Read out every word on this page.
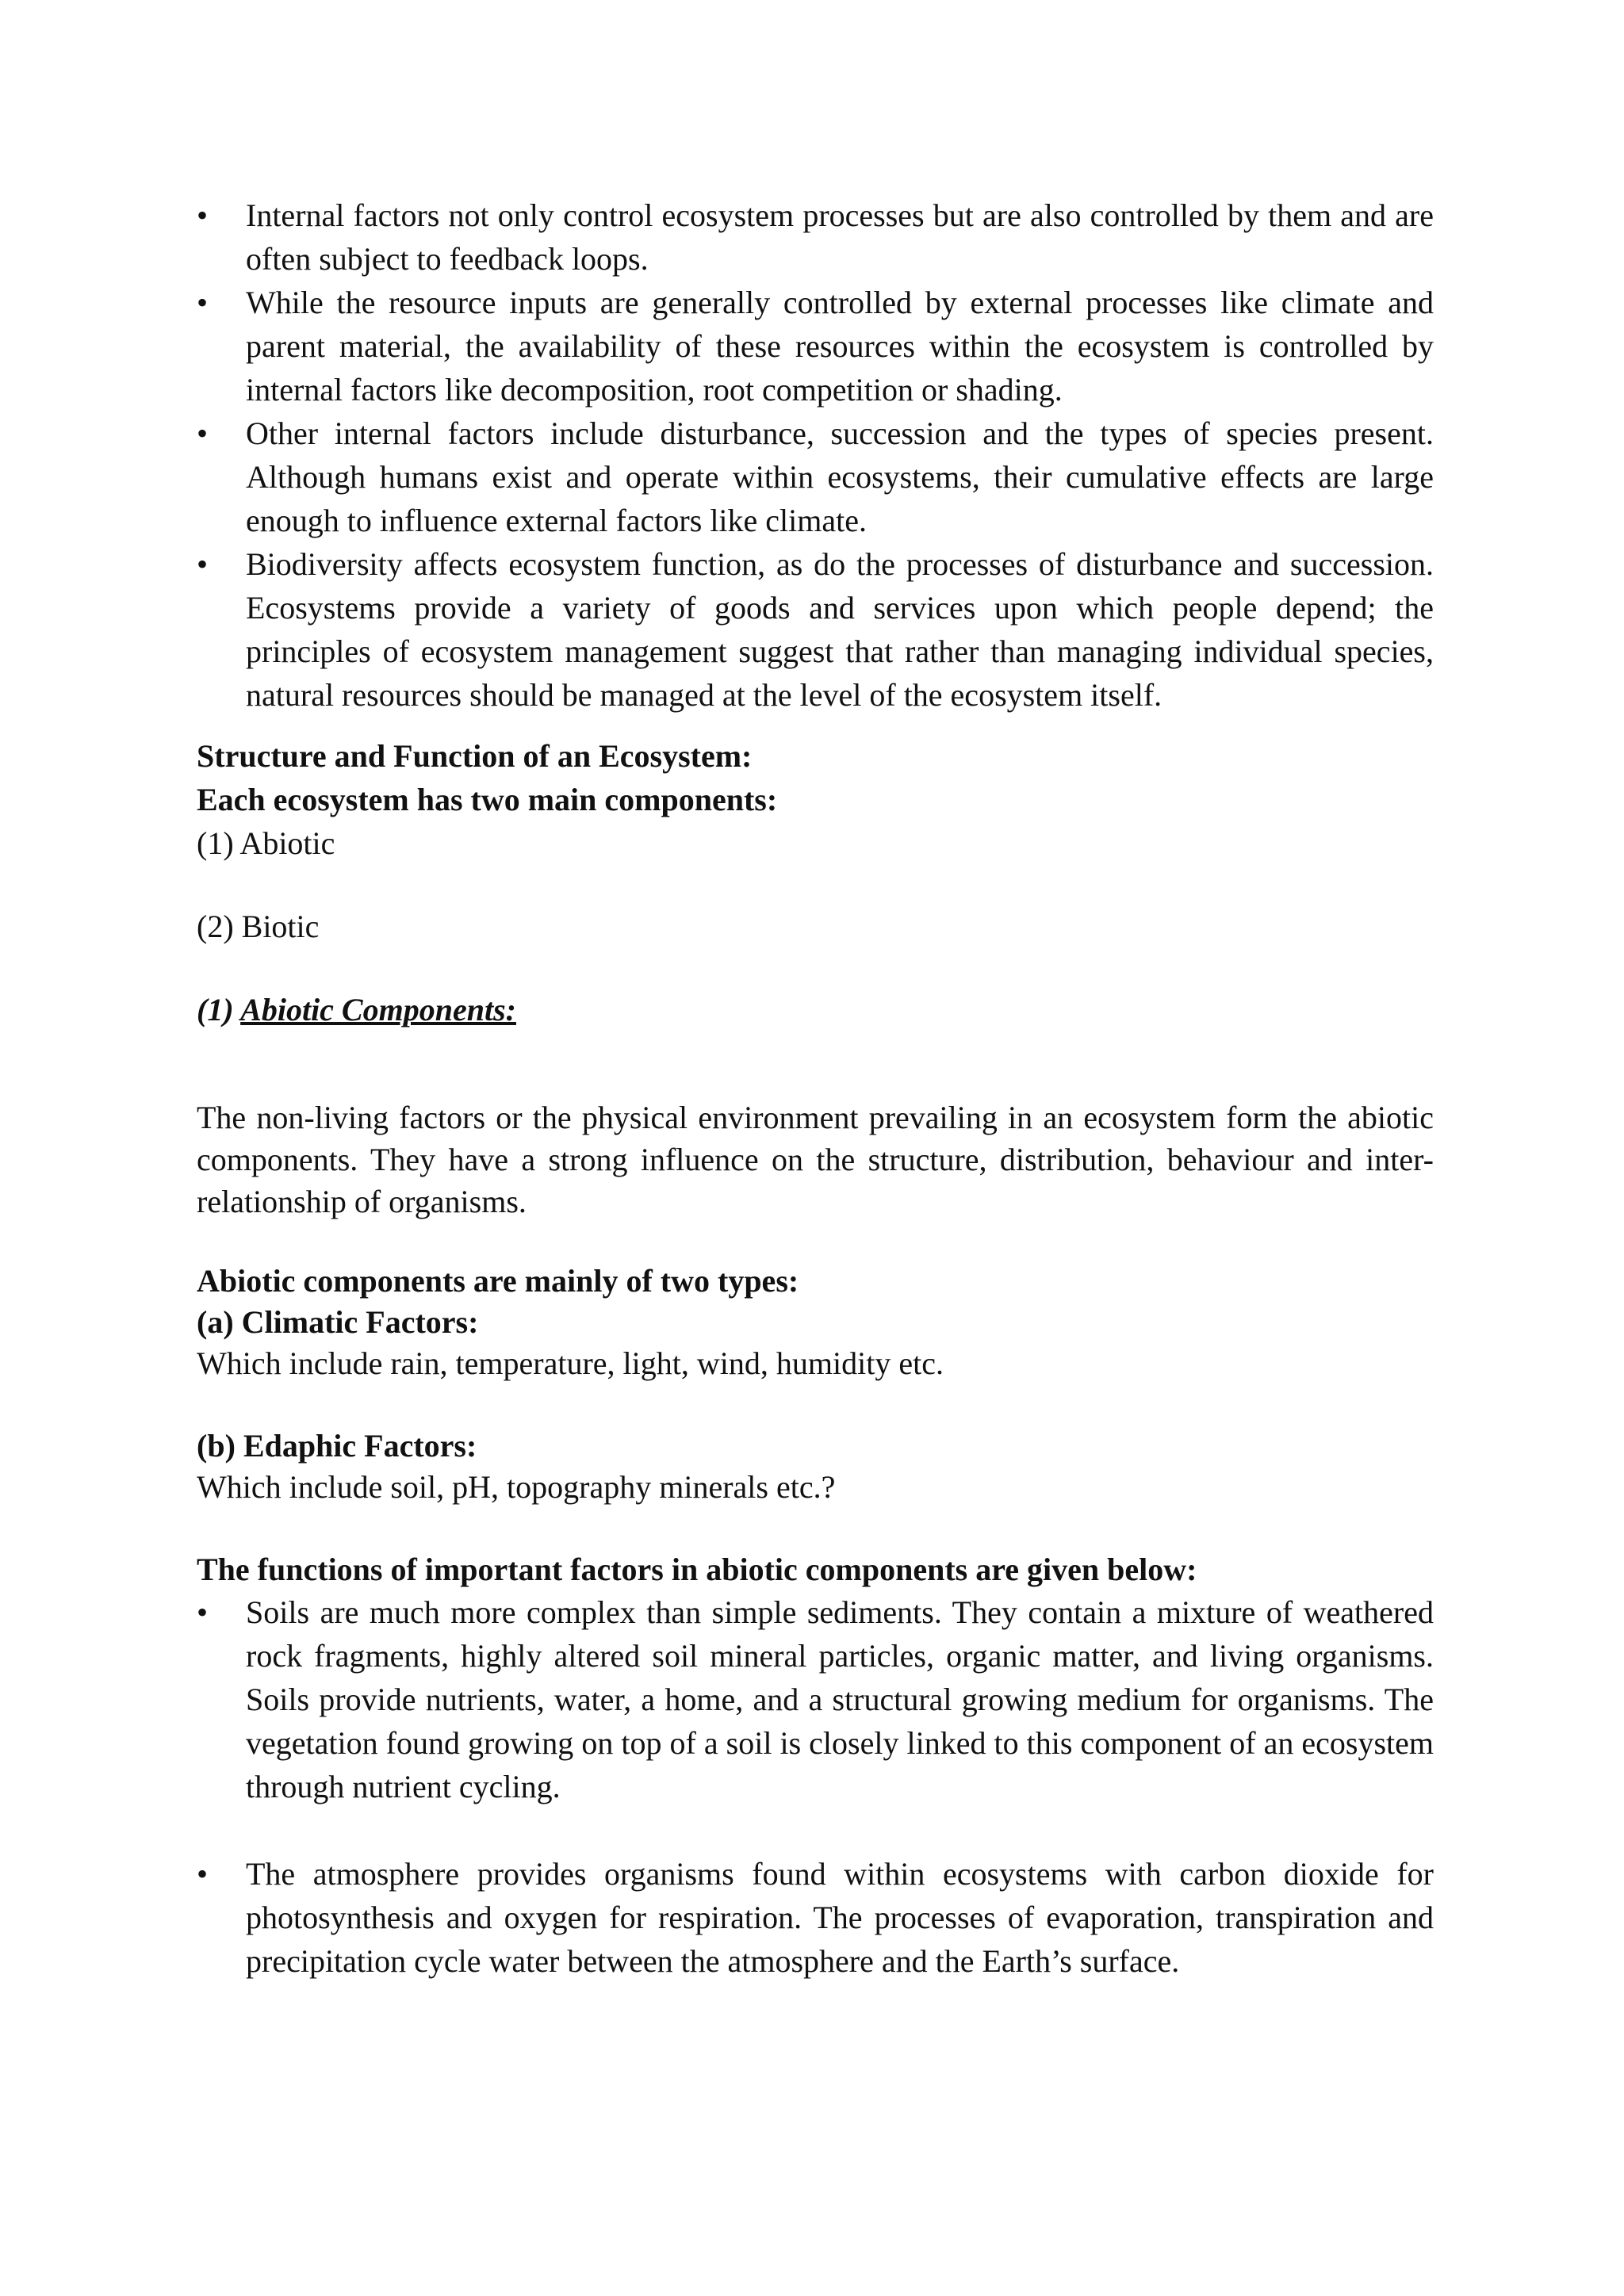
• Internal factors not only control ecosystem processes but are also controlled by them and are often subject to feedback loops.
• While the resource inputs are generally controlled by external processes like climate and parent material, the availability of these resources within the ecosystem is controlled by internal factors like decomposition, root competition or shading.
• Other internal factors include disturbance, succession and the types of species present. Although humans exist and operate within ecosystems, their cumulative effects are large enough to influence external factors like climate.
• Biodiversity affects ecosystem function, as do the processes of disturbance and succession. Ecosystems provide a variety of goods and services upon which people depend; the principles of ecosystem management suggest that rather than managing individual species, natural resources should be managed at the level of the ecosystem itself.

Structure and Function of an Ecosystem:

Each ecosystem has two main components:

(1) Abiotic

(2) Biotic

(1) Abiotic Components:

The non-living factors or the physical environment prevailing in an ecosystem form the abiotic components. They have a strong influence on the structure, distribution, behaviour and inter-relationship of organisms.

Abiotic components are mainly of two types:

(a) Climatic Factors:

Which include rain, temperature, light, wind, humidity etc.

(b) Edaphic Factors:

Which include soil, pH, topography minerals etc.?

The functions of important factors in abiotic components are given below:

• Soils are much more complex than simple sediments. They contain a mixture of weathered rock fragments, highly altered soil mineral particles, organic matter, and living organisms. Soils provide nutrients, water, a home, and a structural growing medium for organisms. The vegetation found growing on top of a soil is closely linked to this component of an ecosystem through nutrient cycling.
• The atmosphere provides organisms found within ecosystems with carbon dioxide for photosynthesis and oxygen for respiration. The processes of evaporation, transpiration and precipitation cycle water between the atmosphere and the Earth’s surface.
